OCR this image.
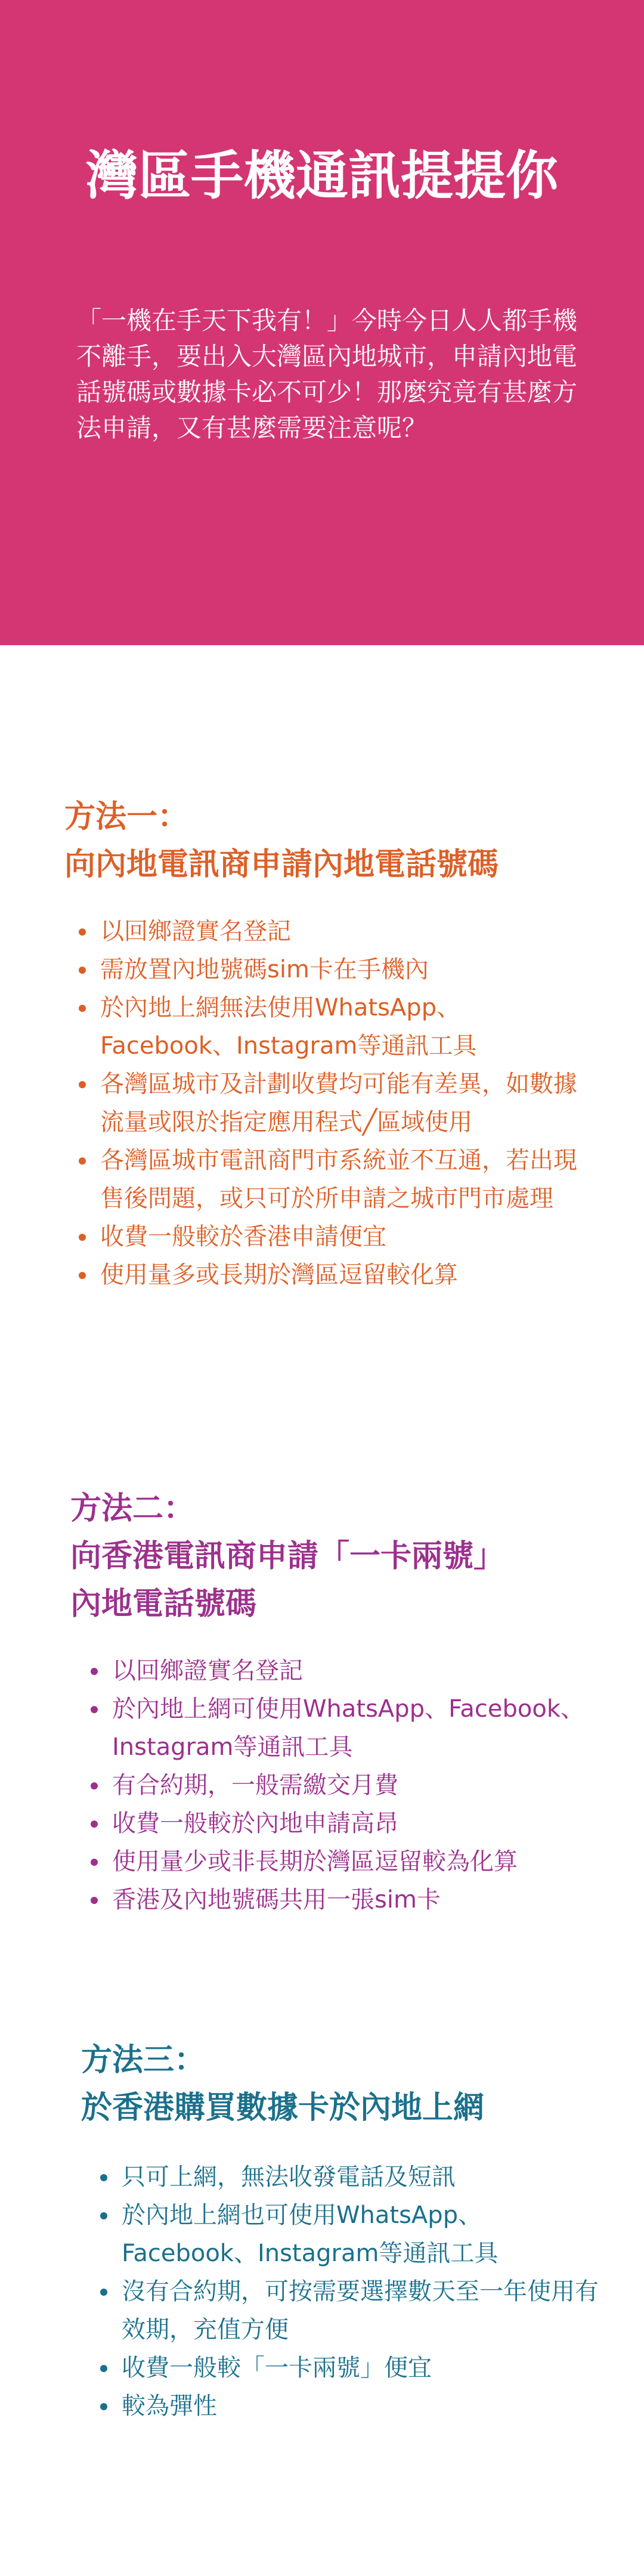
灣區手機通訊提提你

「一機在手天下我有！」今時今日人人都手機不離手，要出入大灣區內地城市，申請內地電話號碼或數據卡必不可少！那麼究竟有甚麼方法申請，又有甚麼需要注意呢？

方法一：
向內地電訊商申請內地電話號碼
以回鄉證實名登記
需放置內地號碼sim卡在手機內
於內地上網無法使用WhatsApp、Facebook、Instagram等通訊工具
各灣區城市及計劃收費均可能有差異，如數據流量或限於指定應用程式╱區域使用
各灣區城市電訊商門市系統並不互通，若出現售後問題，或只可於所申請之城市門市處理
收費一般較於香港申請便宜
使用量多或長期於灣區逗留較化算
方法二：
向香港電訊商申請「一卡兩號」
內地電話號碼
以回鄉證實名登記
於內地上網可使用WhatsApp、Facebook、Instagram等通訊工具
有合約期，一般需繳交月費
收費一般較於內地申請高昂
使用量少或非長期於灣區逗留較為化算
香港及內地號碼共用一張sim卡
方法三：
於香港購買數據卡於內地上網
只可上網，無法收發電話及短訊
於內地上網也可使用WhatsApp、Facebook、Instagram等通訊工具
沒有合約期，可按需要選擇數天至一年使用有效期，充值方便
收費一般較「一卡兩號」便宜
較為彈性
